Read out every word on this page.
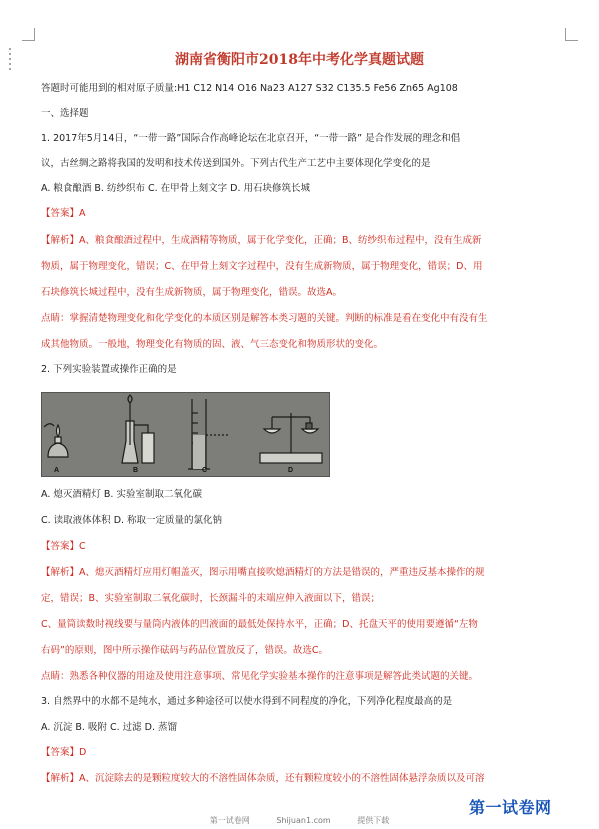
湖南省衡阳市2018年中考化学真题试题
答题时可能用到的相对原子质量:H1 C12 N14 O16 Na23 A127 S32 C135.5 Fe56 Zn65 Ag108
一、选择题
1. 2017年5月14日，“一带一路”国际合作高峰论坛在北京召开，“一带一路” 是合作发展的理念和倡
议，古丝绸之路将我国的发明和技术传送到国外。下列古代生产工艺中主要体现化学变化的是
A. 粮食酿酒 B. 纺纱织布 C. 在甲骨上刻文字 D. 用石块修筑长城
【答案】A
【解析】A、粮食酿酒过程中，生成酒精等物质，属于化学变化，正确；B、纺纱织布过程中，没有生成新
物质，属于物理变化，错误；C、在甲骨上刻文字过程中，没有生成新物质，属于物理变化，错误；D、用
石块修筑长城过程中，没有生成新物质，属于物理变化，错误。故选A。
点睛：掌握清楚物理变化和化学变化的本质区别是解答本类习题的关键。判断的标准是看在变化中有没有生
成其他物质。一般地，物理变化有物质的固、液、气三态变化和物质形状的变化。
2. 下列实验装置或操作正确的是
A	B	C	D
A. 熄灭酒精灯 B. 实验室制取二氧化碳
C. 读取液体体积 D. 称取一定质量的氯化钠
【答案】C
【解析】A、熄灭酒精灯应用灯帽盖灭，图示用嘴直接吹熄酒精灯的方法是错误的，严重违反基本操作的规
定，错误；B、实验室制取二氧化碳时，长颈漏斗的末端应伸入液面以下，错误；
C、量筒读数时视线要与量筒内液体的凹液面的最低处保持水平，正确；D、托盘天平的使用要遵循“左物
右码”的原则，图中所示操作砝码与药品位置放反了，错误。故选C。
点睛：熟悉各种仪器的用途及使用注意事项、常见化学实验基本操作的注意事项是解答此类试题的关键。
3. 自然界中的水都不是纯水，通过多种途径可以使水得到不同程度的净化，下列净化程度最高的是
A. 沉淀 B. 吸附 C. 过滤 D. 蒸馏
【答案】D
【解析】A、沉淀除去的是颗粒度较大的不溶性固体杂质，还有颗粒度较小的不溶性固体悬浮杂质以及可溶
第一试卷网
第一试卷网	Shijuan1.com	提供下载
